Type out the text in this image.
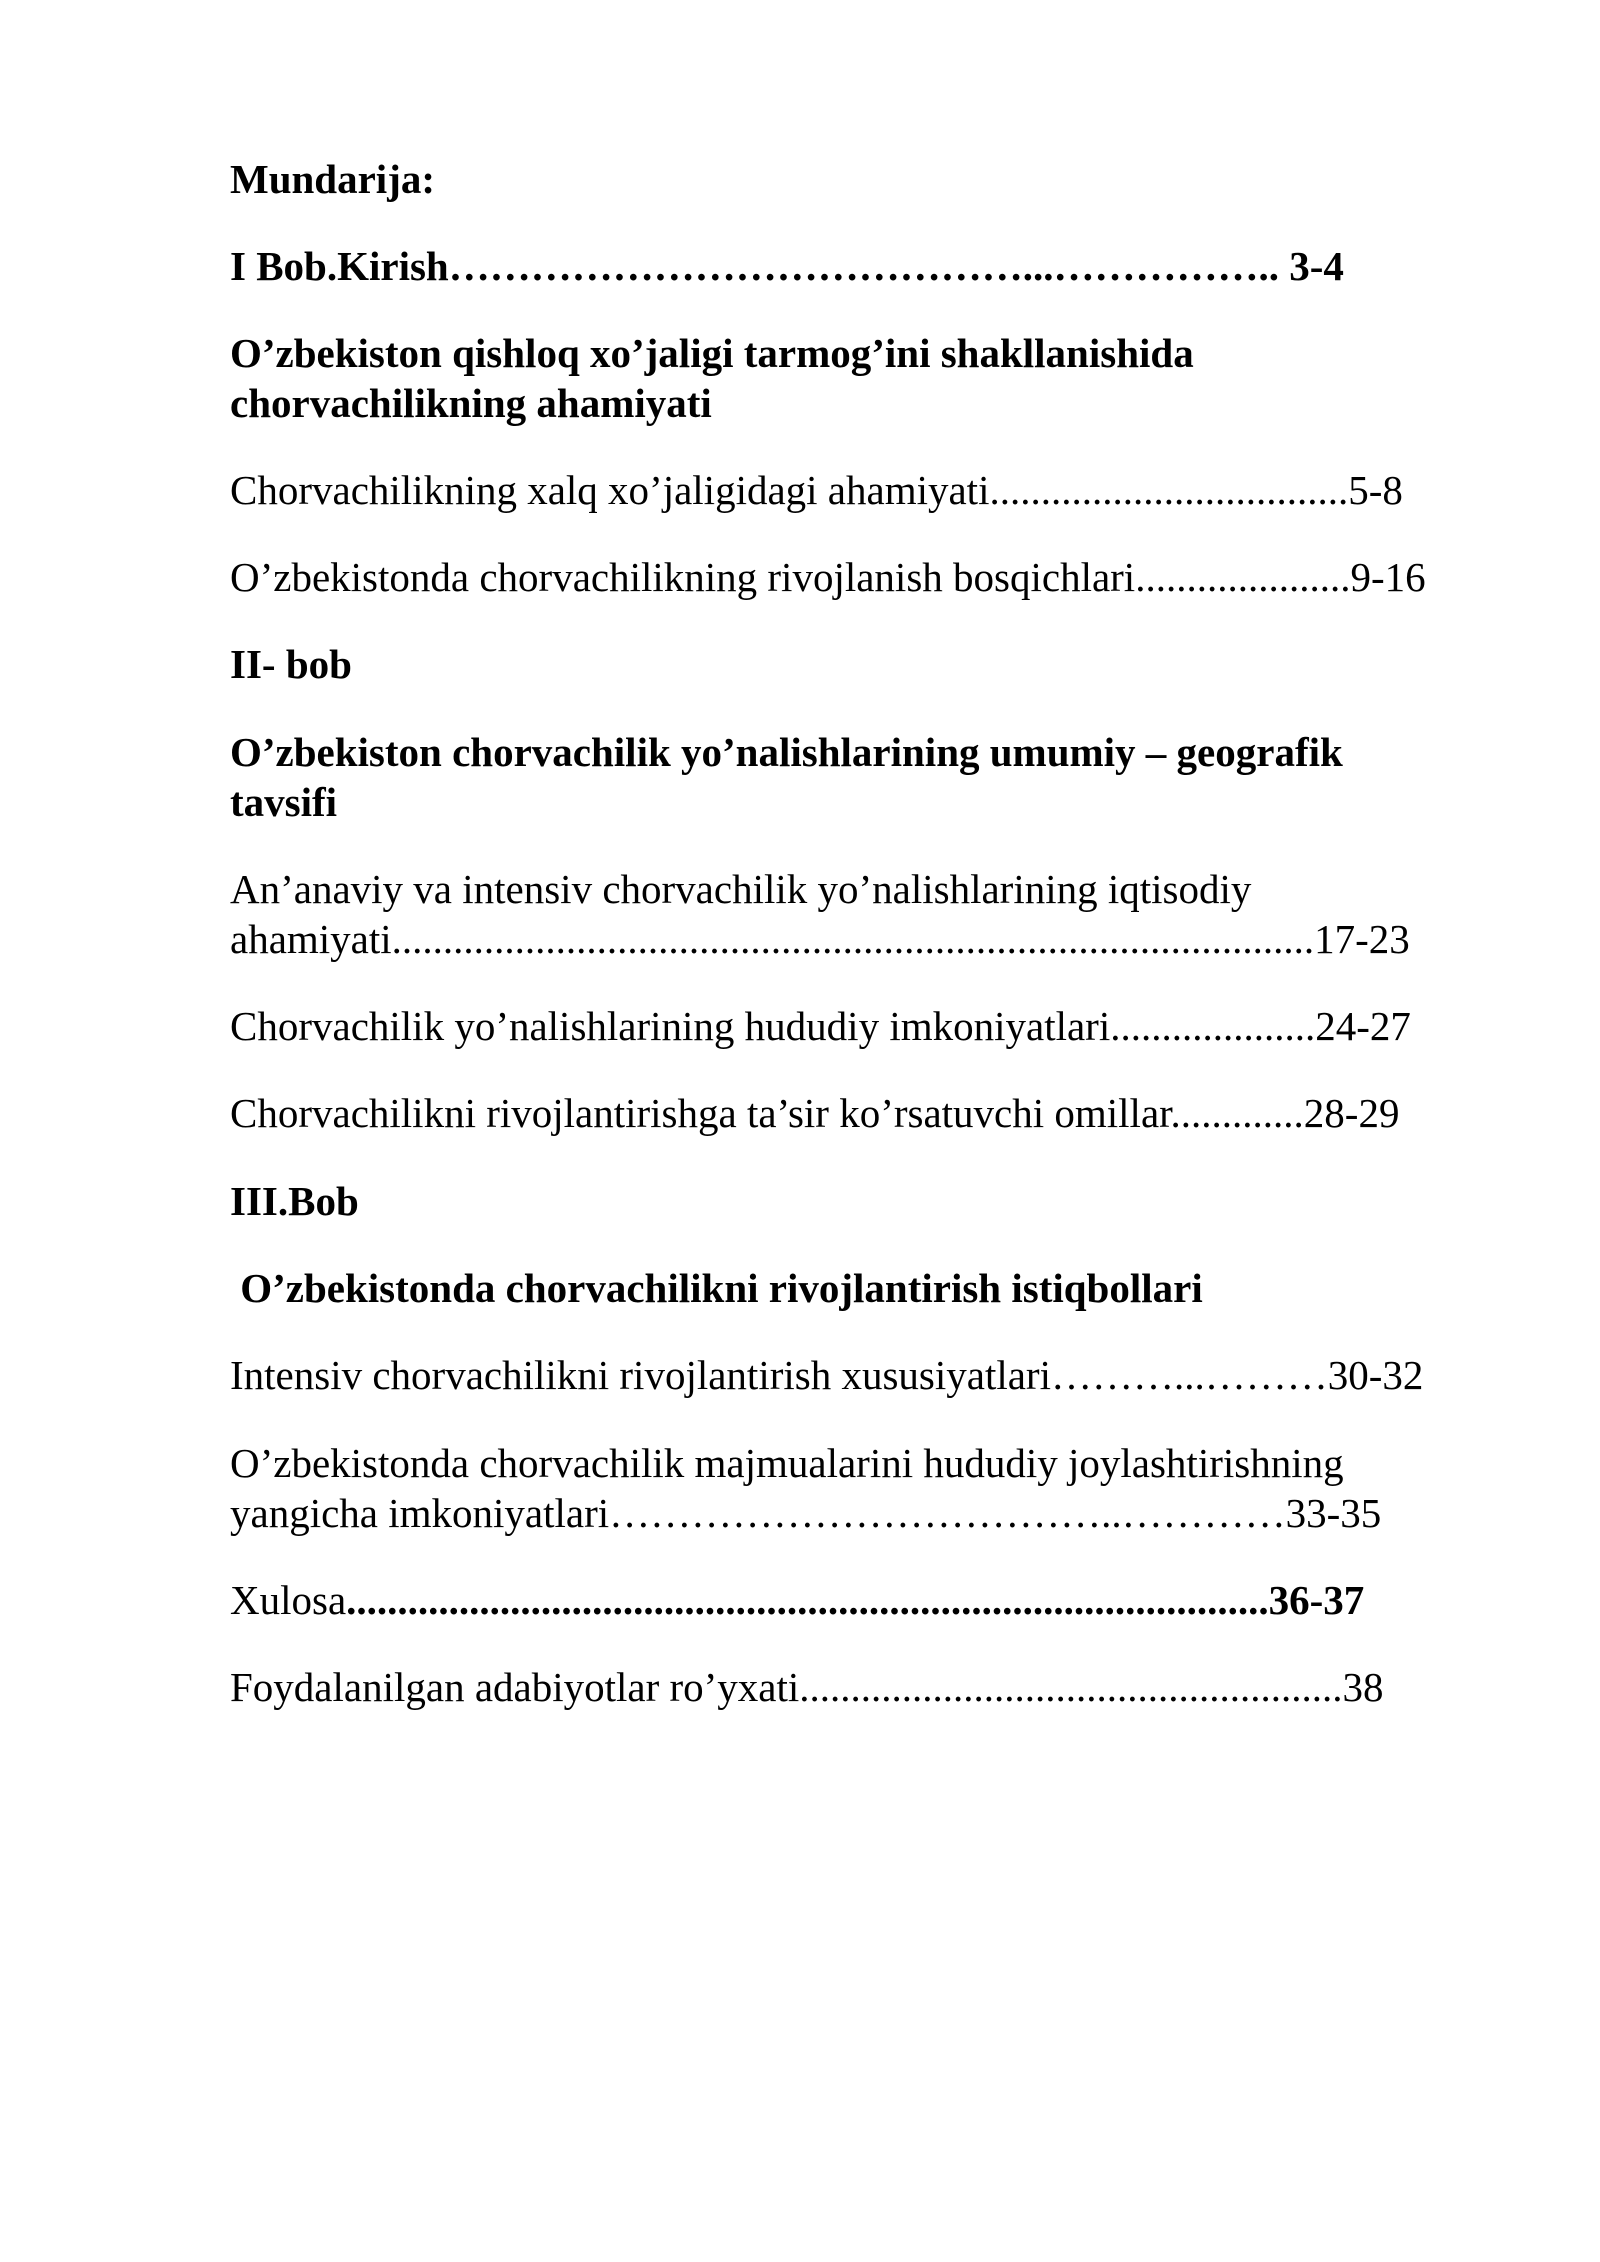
Mundarija:
I Bob.Kirish……………………………………...…………….. 3-4
O’zbekiston qishloq xo’jaligi tarmog’ini shakllanishida
chorvachilikning ahamiyati
Chorvachilikning xalq xo’jaligidagi ahamiyati...................................5-8
O’zbekistonda chorvachilikning rivojlanish bosqichlari.....................9-16
II- bob
O’zbekiston chorvachilik yo’nalishlarining umumiy – geografik
tavsifi
An’anaviy va intensiv chorvachilik yo’nalishlarining iqtisodiy
ahamiyati..........................................................................................17-23
Chorvachilik yo’nalishlarining hududiy imkoniyatlari....................24-27
Chorvachilikni rivojlantirishga ta’sir ko’rsatuvchi omillar.............28-29
III.Bob
O’zbekistonda chorvachilikni rivojlantirish istiqbollari
Intensiv chorvachilikni rivojlantirish xususiyatlari………...………30-32
O’zbekistonda chorvachilik majmualarini hududiy joylashtirishning
yangicha imkoniyatlari………………………………..…………33-35
Xulosa..........................................................................................36-37
Foydalanilgan adabiyotlar ro’yxati.....................................................38
